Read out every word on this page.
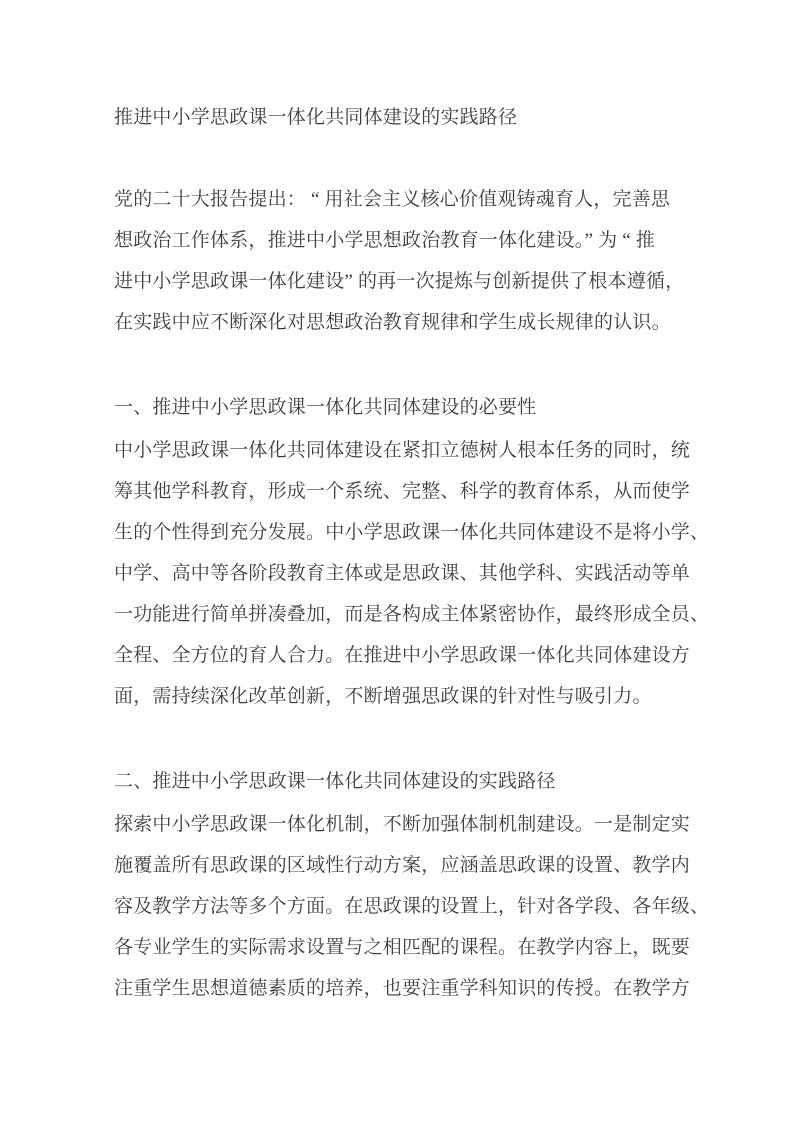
推进中小学思政课一体化共同体建设的实践路径
党的二十大报告提出： “ 用社会主义核心价值观铸魂育人，完善思
想政治工作体系，推进中小学思想政治教育一体化建设。” 为 “ 推
进中小学思政课一体化建设” 的再一次提炼与创新提供了根本遵循，
在实践中应不断深化对思想政治教育规律和学生成长规律的认识。
一、推进中小学思政课一体化共同体建设的必要性
中小学思政课一体化共同体建设在紧扣立德树人根本任务的同时，统
筹其他学科教育，形成一个系统、完整、科学的教育体系，从而使学
生的个性得到充分发展。中小学思政课一体化共同体建设不是将小学、
中学、高中等各阶段教育主体或是思政课、其他学科、实践活动等单
一功能进行简单拼凑叠加，而是各构成主体紧密协作，最终形成全员、
全程、全方位的育人合力。在推进中小学思政课一体化共同体建设方
面，需持续深化改革创新，不断增强思政课的针对性与吸引力。
二、推进中小学思政课一体化共同体建设的实践路径
探索中小学思政课一体化机制，不断加强体制机制建设。一是制定实
施覆盖所有思政课的区域性行动方案，应涵盖思政课的设置、教学内
容及教学方法等多个方面。在思政课的设置上，针对各学段、各年级、
各专业学生的实际需求设置与之相匹配的课程。在教学内容上，既要
注重学生思想道德素质的培养，也要注重学科知识的传授。在教学方
